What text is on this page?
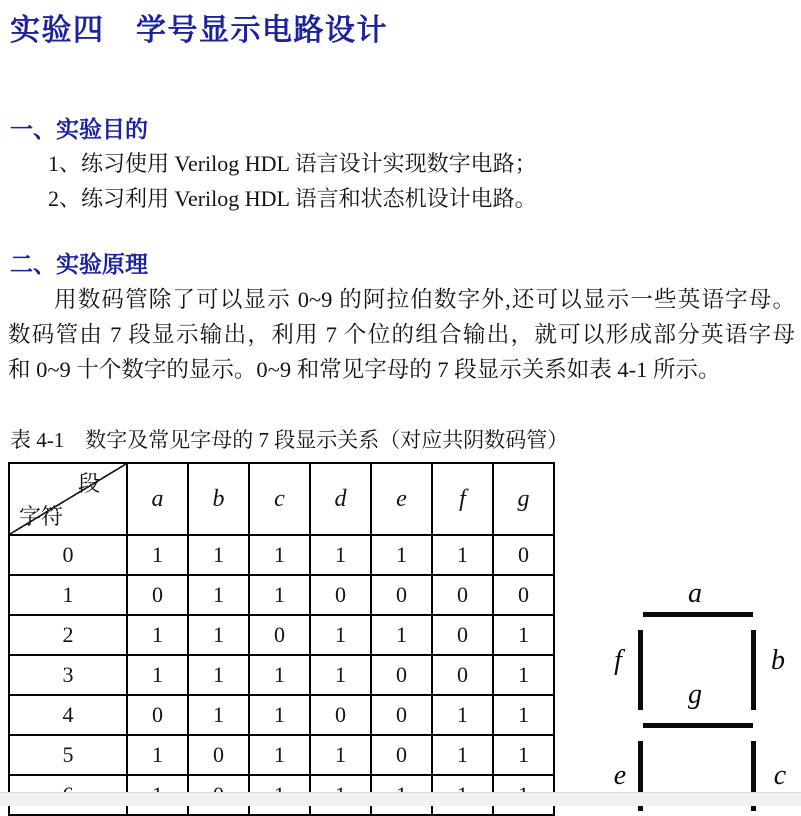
实验四　学号显示电路设计
一、实验目的

1、练习使用 Verilog HDL 语言设计实现数字电路；

2、练习利用 Verilog HDL 语言和状态机设计电路。

二、实验原理

用数码管除了可以显示 0~9 的阿拉伯数字外,还可以显示一些英语字母。

数码管由 7 段显示输出，利用 7 个位的组合输出，就可以形成部分英语字母

和 0~9 十个数字的显示。0~9 和常见字母的 7 段显示关系如表 4-1 所示。

表 4-1　数字及常见字母的 7 段显示关系（对应共阴数码管）
段
字符	a	b	c	d	e	f	g
0	1	1	1	1	1	1	0
1	0	1	1	0	0	0	0
2	1	1	0	1	1	0	1
3	1	1	1	1	0	0	1
4	0	1	1	0	0	1	1
5	1	0	1	1	0	1	1

a
f	b
g
e	c
